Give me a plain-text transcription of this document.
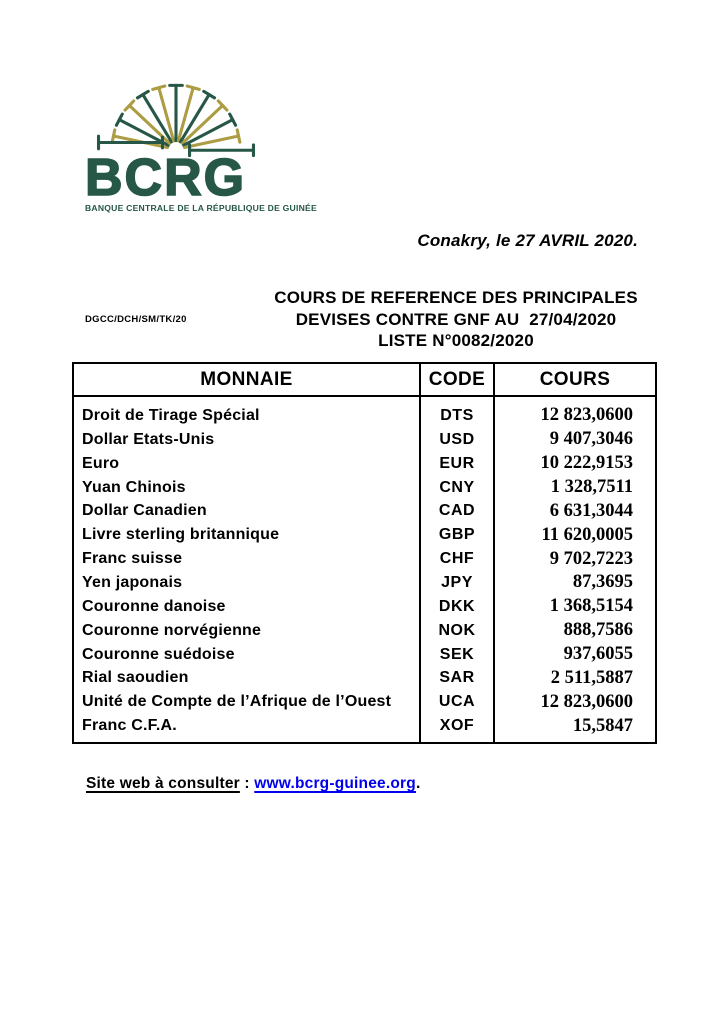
BCRG
BANQUE CENTRALE DE LA RÉPUBLIQUE DE GUINÉE
Conakry, le 27 AVRIL 2020.
DGCC/DCH/SM/TK/20
COURS DE REFERENCE DES PRINCIPALES
DEVISES CONTRE GNF AU  27/04/2020
LISTE N°0082/2020
MONNAIE	CODE	COURS
Droit de Tirage Spécial	DTS	12 823,0600
Dollar Etats-Unis	USD	9 407,3046
Euro	EUR	10 222,9153
Yuan Chinois	CNY	1 328,7511
Dollar Canadien	CAD	6 631,3044
Livre sterling britannique	GBP	11 620,0005
Franc suisse	CHF	9 702,7223
Yen japonais	JPY	87,3695
Couronne danoise	DKK	1 368,5154
Couronne norvégienne	NOK	888,7586
Couronne suédoise	SEK	937,6055
Rial saoudien	SAR	2 511,5887
Unité de Compte de l’Afrique de l’Ouest	UCA	12 823,0600
Franc C.F.A.	XOF	15,5847
Site web à consulter : www.bcrg-guinee.org.
